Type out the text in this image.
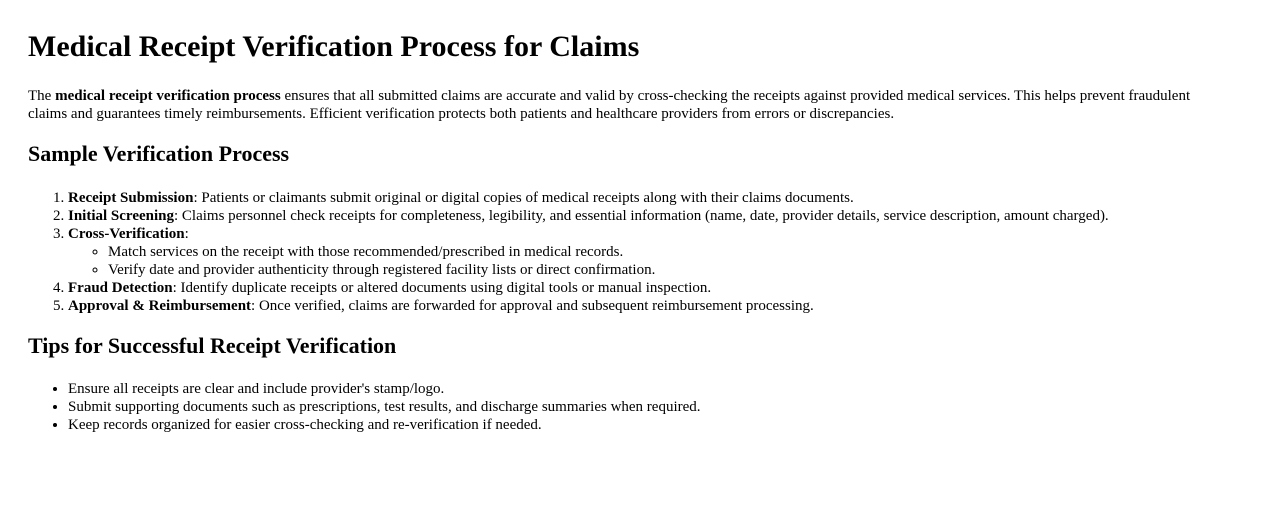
Medical Receipt Verification Process for Claims

The medical receipt verification process ensures that all submitted claims are accurate and valid by cross-checking the receipts against provided medical services. This helps prevent fraudulent claims and guarantees timely reimbursements. Efficient verification protects both patients and healthcare providers from errors or discrepancies.

Sample Verification Process
1. Receipt Submission: Patients or claimants submit original or digital copies of medical receipts along with their claims documents.
2. Initial Screening: Claims personnel check receipts for completeness, legibility, and essential information (name, date, provider details, service description, amount charged).
3. Cross-Verification:
◦ Match services on the receipt with those recommended/prescribed in medical records.
◦ Verify date and provider authenticity through registered facility lists or direct confirmation.
4. Fraud Detection: Identify duplicate receipts or altered documents using digital tools or manual inspection.
5. Approval & Reimbursement: Once verified, claims are forwarded for approval and subsequent reimbursement processing.
Tips for Successful Receipt Verification
• Ensure all receipts are clear and include provider's stamp/logo.
• Submit supporting documents such as prescriptions, test results, and discharge summaries when required.
• Keep records organized for easier cross-checking and re-verification if needed.
